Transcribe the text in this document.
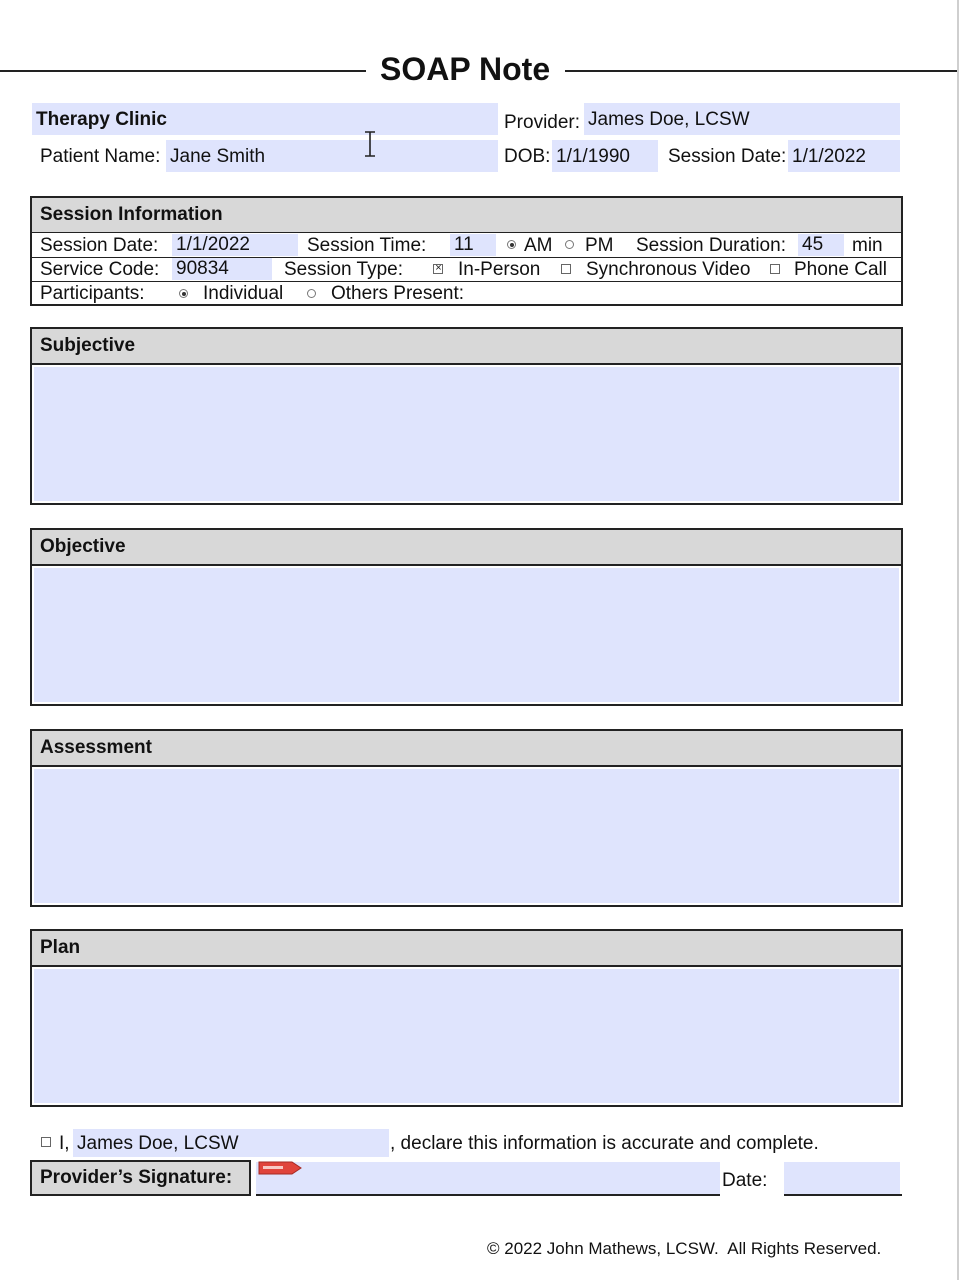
SOAP Note
Therapy Clinic	Provider: James Doe, LCSW
Patient Name: Jane Smith	DOB: 1/1/1990 Session Date: 1/1/2022
Session Information
Session Date: 1/1/2022	Session Time: 11	AM PM Session Duration: 45 min
Service Code: 90834	Session Type:
×	In-Person Synchronous Video Phone Call
Participants:	Individual	Others Present:
Subjective
Objective
Assessment
Plan
I, James Doe, LCSW	, declare this information is accurate and complete.
Provider’s Signature:	Date:
© 2022 John Mathews, LCSW.  All Rights Reserved.
